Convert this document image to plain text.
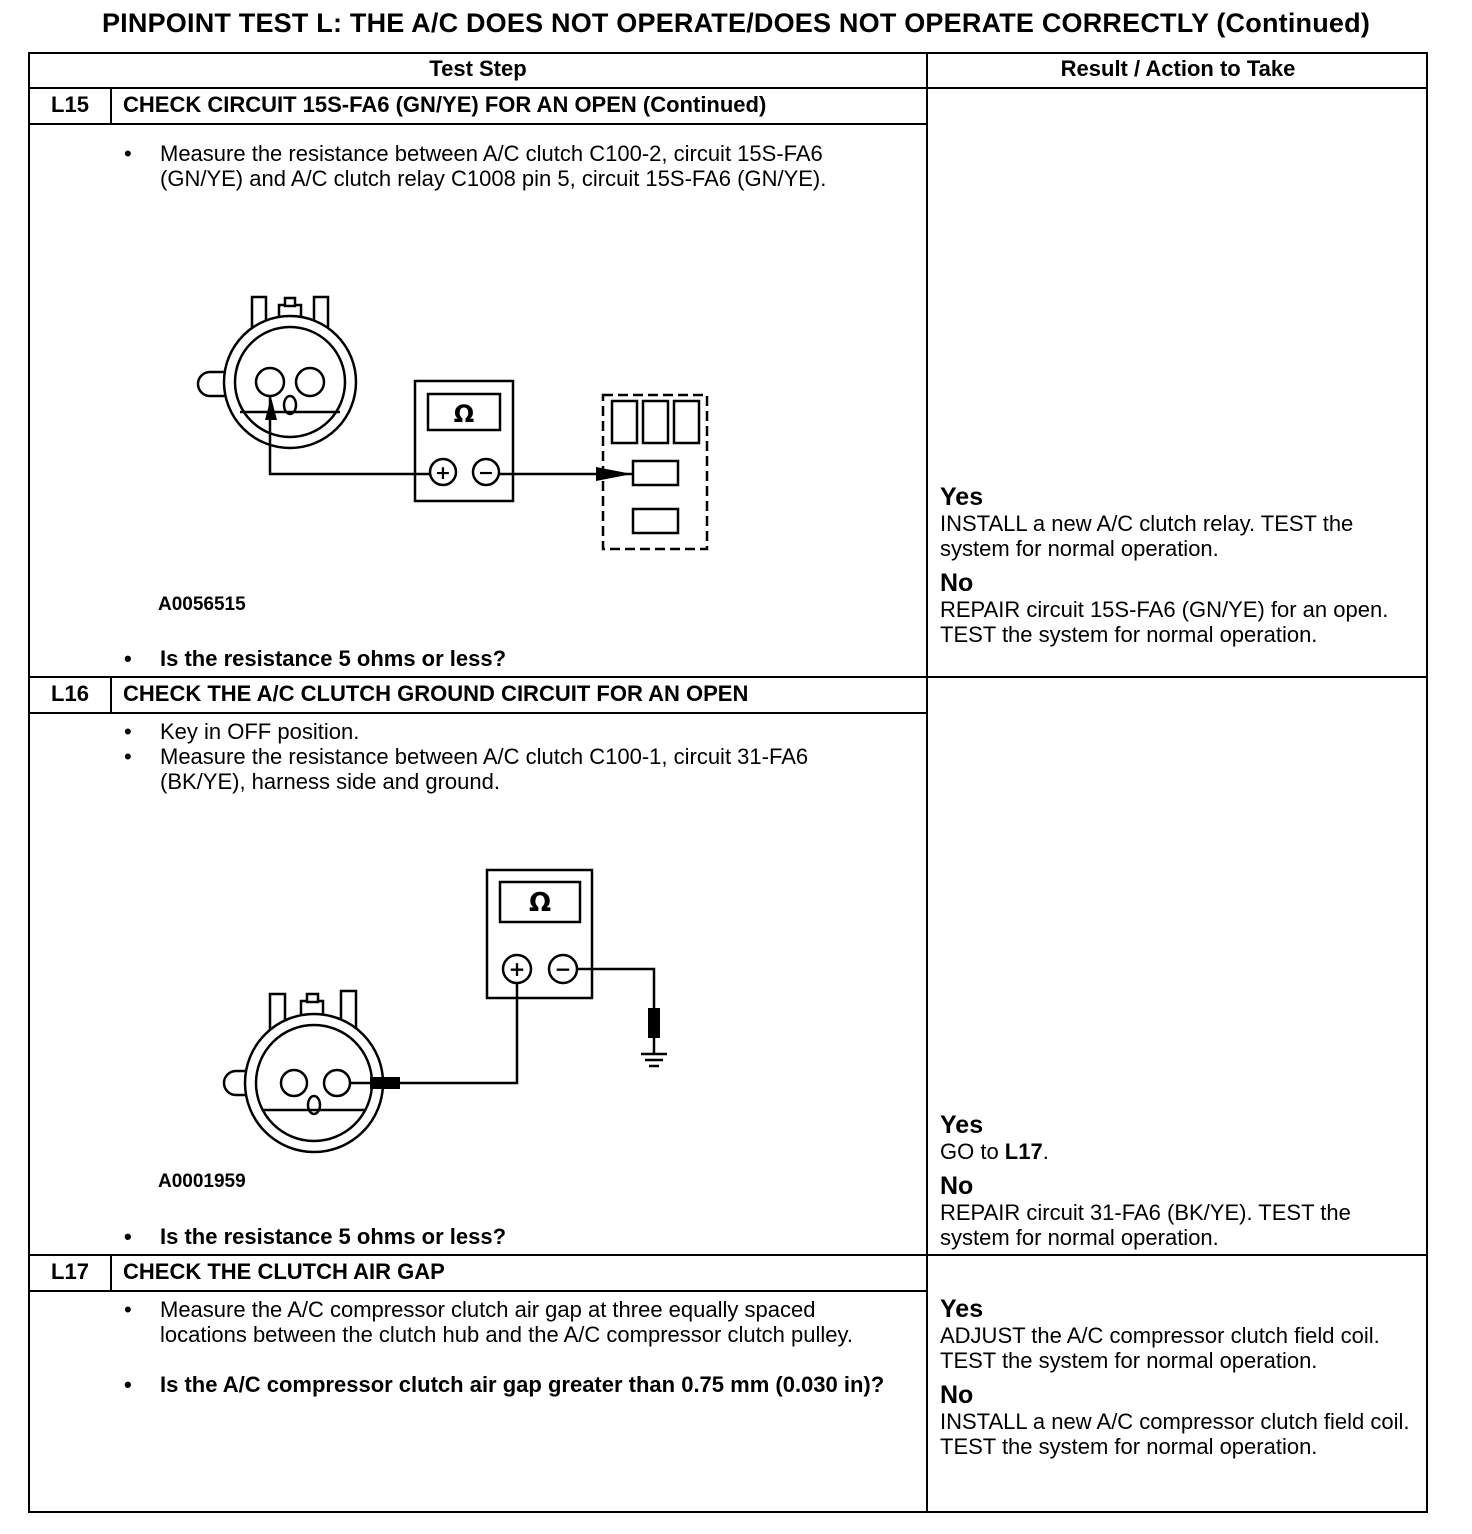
PINPOINT TEST L: THE A/C DOES NOT OPERATE/DOES NOT OPERATE CORRECTLY (Continued)
Test Step	Result / Action to Take
L15	CHECK CIRCUIT 15S-FA6 (GN/YE) FOR AN OPEN (Continued)
• Measure the resistance between A/C clutch C100-2, circuit 15S-FA6 (GN/YE) and A/C clutch relay C1008 pin 5, circuit 15S-FA6 (GN/YE).
Ω
+ −
A0056515
• Is the resistance 5 ohms or less?

Yes

INSTALL a new A/C clutch relay. TEST the system for normal operation.

No

REPAIR circuit 15S-FA6 (GN/YE) for an open. TEST the system for normal operation.

L16	CHECK THE A/C CLUTCH GROUND CIRCUIT FOR AN OPEN
• Key in OFF position.
• Measure the resistance between A/C clutch C100-1, circuit 31-FA6 (BK/YE), harness side and ground.
Ω
+ −
A0001959
• Is the resistance 5 ohms or less?

Yes

GO to L17.

No

REPAIR circuit 31-FA6 (BK/YE). TEST the system for normal operation.

L17	CHECK THE CLUTCH AIR GAP
• Measure the A/C compressor clutch air gap at three equally spaced locations between the clutch hub and the A/C compressor clutch pulley.
• Is the A/C compressor clutch air gap greater than 0.75 mm (0.030 in)?

Yes

ADJUST the A/C compressor clutch field coil. TEST the system for normal operation.

No

INSTALL a new A/C compressor clutch field coil. TEST the system for normal operation.
